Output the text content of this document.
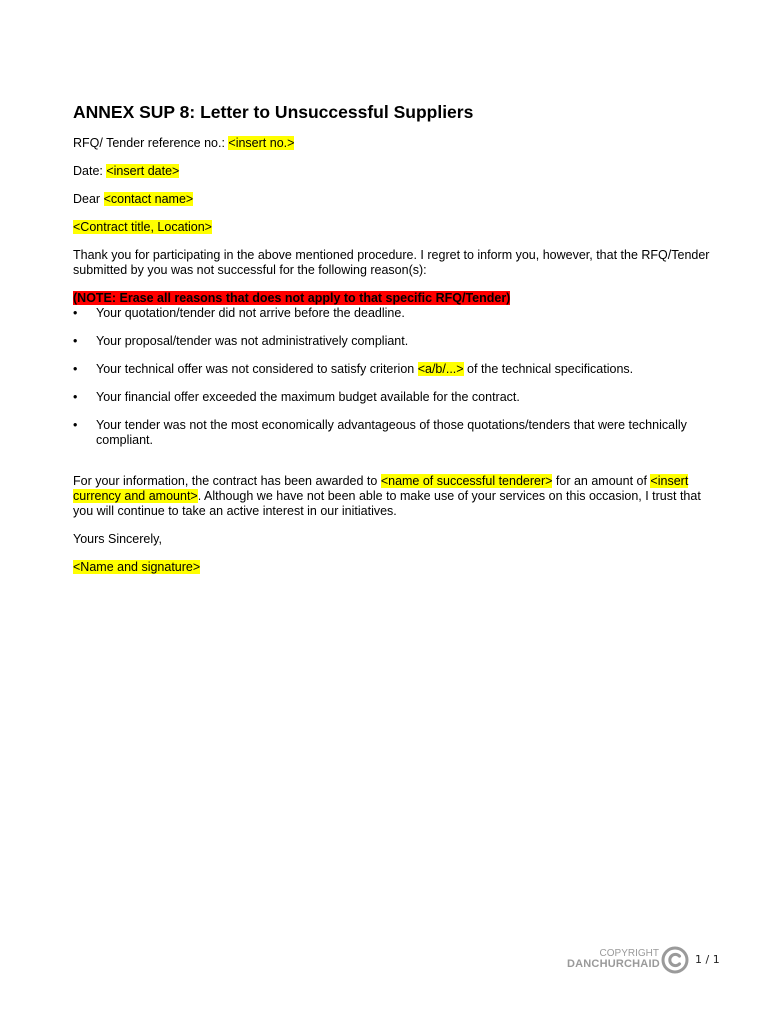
ANNEX SUP 8: Letter to Unsuccessful Suppliers

RFQ/ Tender reference no.: <insert no.>

Date: <insert date>

Dear <contact name>

<Contract title, Location>

Thank you for participating in the above mentioned procedure. I regret to inform you, however, that the RFQ/Tender submitted by you was not successful for the following reason(s):

(NOTE: Erase all reasons that does not apply to that specific RFQ/Tender)
• Your quotation/tender did not arrive before the deadline.
• Your proposal/tender was not administratively compliant.
• Your technical offer was not considered to satisfy criterion <a/b/...> of the technical specifications.
• Your financial offer exceeded the maximum budget available for the contract.
• Your tender was not the most economically advantageous of those quotations/tenders that were technically compliant.

For your information, the contract has been awarded to <name of successful tenderer> for an amount of <insert currency and amount>. Although we have not been able to make use of your services on this occasion, I trust that you will continue to take an active interest in our initiatives.

Yours Sincerely,

<Name and signature>

COPYRIGHT
DANCHURCHAID	1 / 1
